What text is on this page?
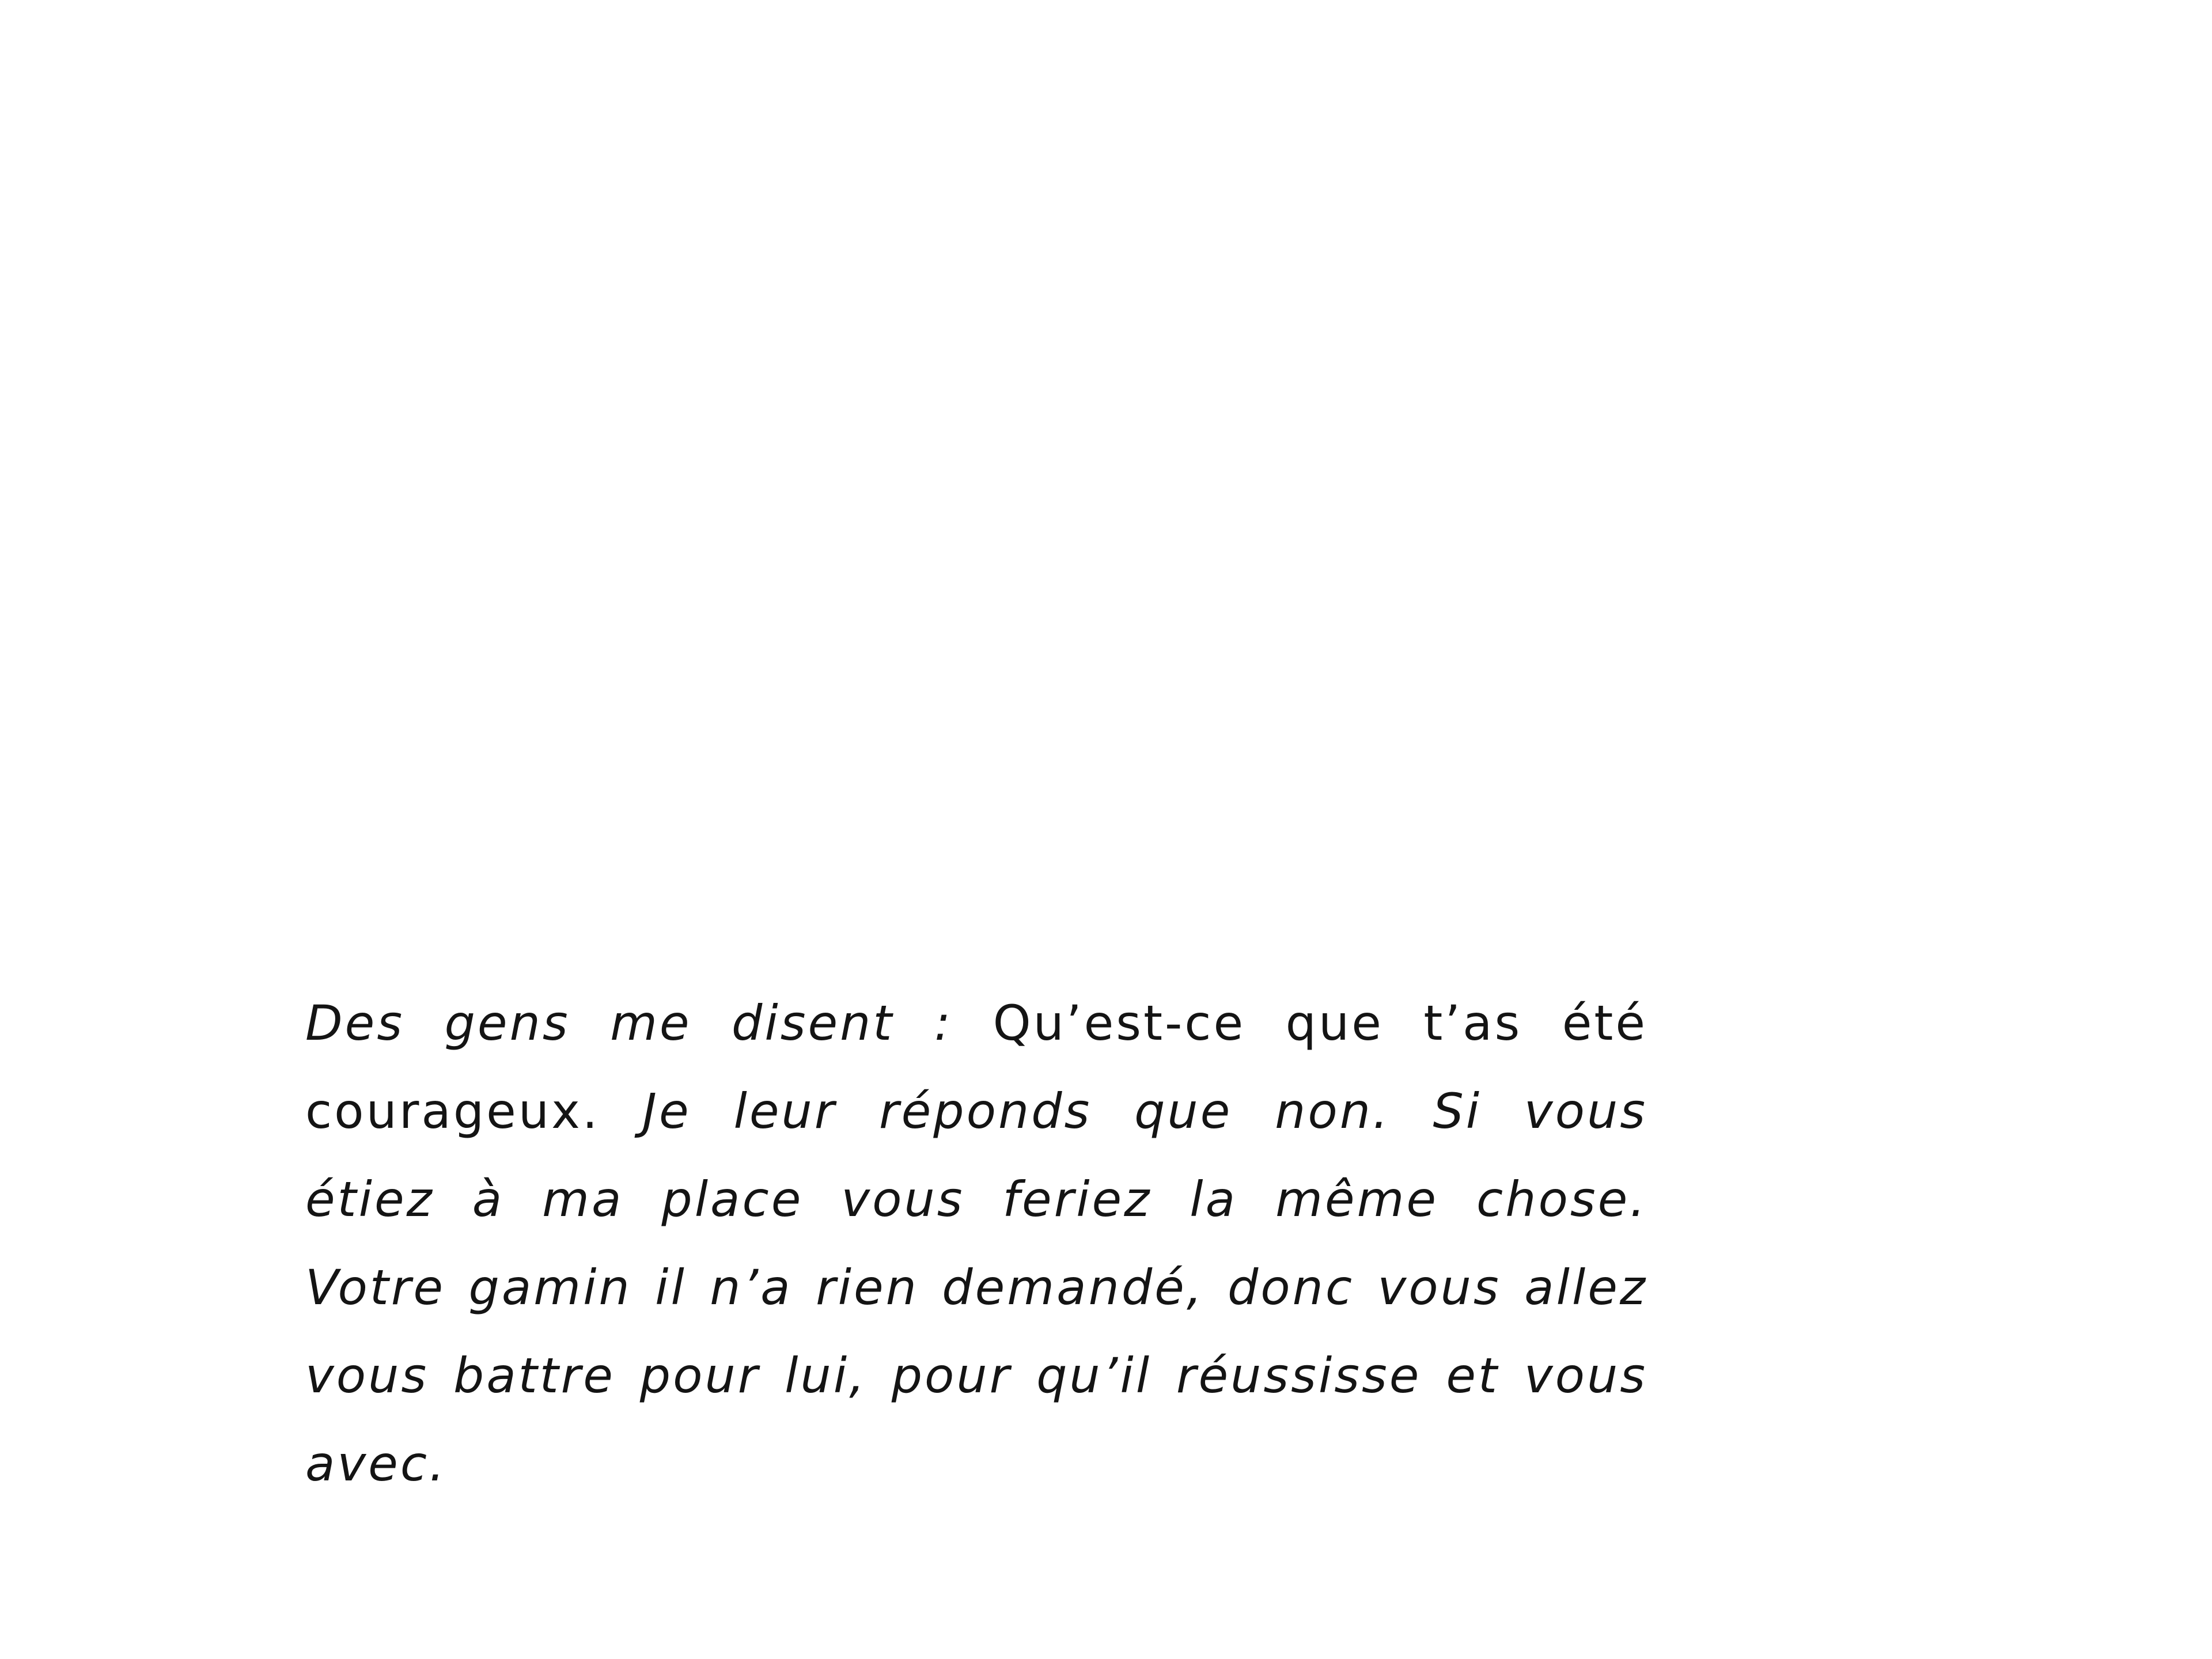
Des gens me disent : Qu’est-ce que t’as été courageux. Je leur réponds que non. Si vous étiez à ma place vous feriez la même chose. Votre gamin il n’a rien demandé, donc vous allez vous battre pour lui, pour qu’il réussisse et vous avec.
